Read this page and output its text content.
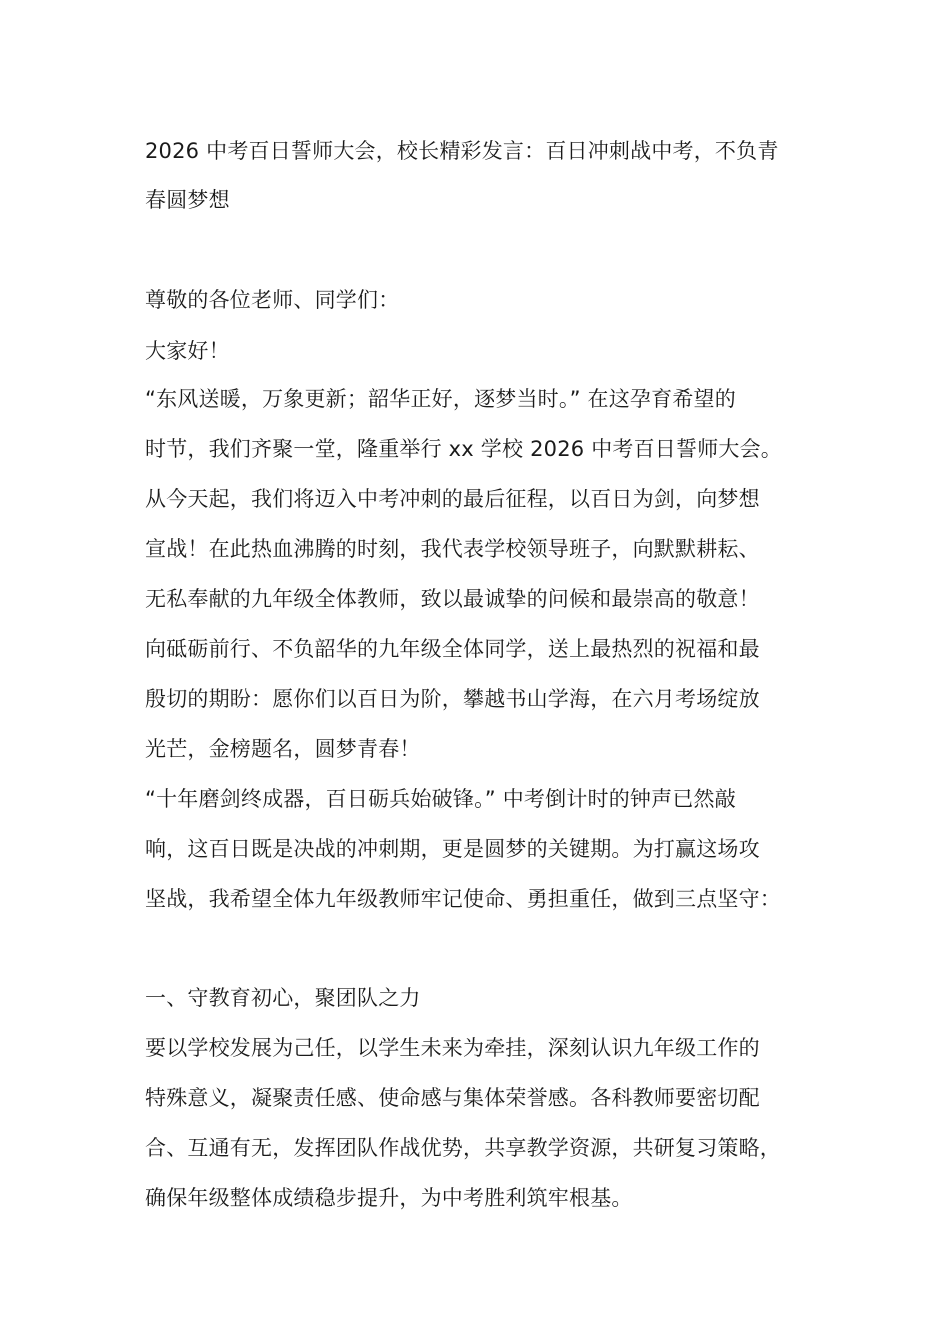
2026 中考百日誓师大会，校长精彩发言：百日冲刺战中考，不负青
春圆梦想
尊敬的各位老师、同学们：
大家好！
“东风送暖，万象更新；韶华正好，逐梦当时。” 在这孕育希望的
时节，我们齐聚一堂，隆重举行 xx 学校 2026 中考百日誓师大会。
从今天起，我们将迈入中考冲刺的最后征程，以百日为剑，向梦想
宣战！在此热血沸腾的时刻，我代表学校领导班子，向默默耕耘、
无私奉献的九年级全体教师，致以最诚挚的问候和最崇高的敬意！
向砥砺前行、不负韶华的九年级全体同学，送上最热烈的祝福和最
殷切的期盼：愿你们以百日为阶，攀越书山学海，在六月考场绽放
光芒，金榜题名，圆梦青春！
“十年磨剑终成器，百日砺兵始破锋。” 中考倒计时的钟声已然敲
响，这百日既是决战的冲刺期，更是圆梦的关键期。为打赢这场攻
坚战，我希望全体九年级教师牢记使命、勇担重任，做到三点坚守：
一、守教育初心，聚团队之力
要以学校发展为己任，以学生未来为牵挂，深刻认识九年级工作的
特殊意义，凝聚责任感、使命感与集体荣誉感。各科教师要密切配
合、互通有无，发挥团队作战优势，共享教学资源，共研复习策略，
确保年级整体成绩稳步提升，为中考胜利筑牢根基。
